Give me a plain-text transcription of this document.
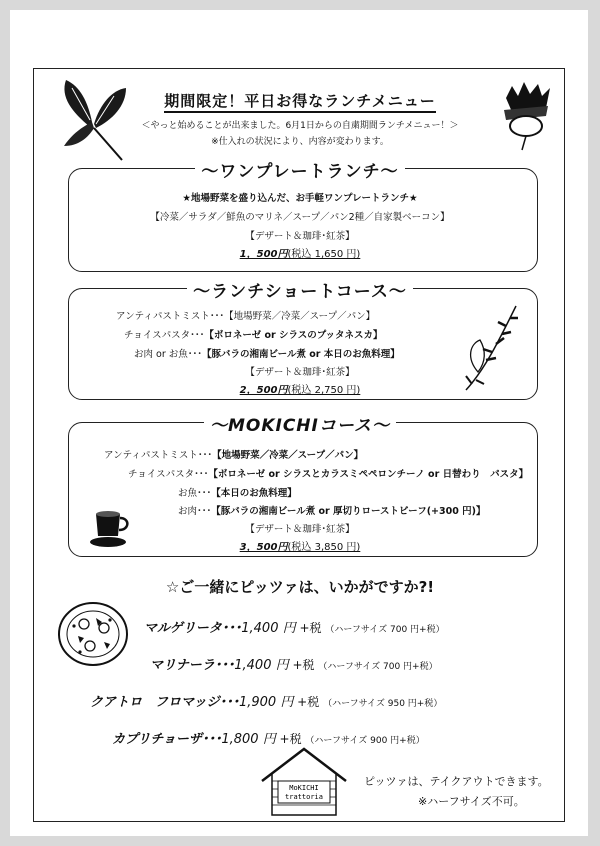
期間限定！平日お得なランチメニュー
＜やっと始めることが出来ました。6月1日からの自粛期間ランチメニュー！＞
※仕入れの状況により、内容が変わります。
～ワンプレートランチ～
★地場野菜を盛り込んだ、お手軽ワンプレートランチ★
【冷菜／サラダ／鮮魚のマリネ／スープ／パン2種／自家製ベーコン】
【デザート＆珈琲･紅茶】
1，500円(税込 1,650 円)
～ランチショートコース～
アンティパストミスト･･･【地場野菜／冷菜／スープ／パン】
チョイスパスタ･･･【ボロネーゼ or シラスのプッタネスカ】
お肉 or お魚･･･【豚バラの湘南ビール煮 or 本日のお魚料理】
【デザート＆珈琲･紅茶】
2，500円(税込 2,750 円)
～MOKICHIコース～
アンティパストミスト･･･【地場野菜／冷菜／スープ／パン】
チョイスパスタ･･･【ボロネーゼ or シラスとカラスミペペロンチーノ or 日替わり　パスタ】
お魚･･･【本日のお魚料理】
お肉･･･【豚バラの湘南ビール煮 or 厚切りローストビーフ(+300 円)】
【デザート＆珈琲･紅茶】
3，500円(税込 3,850 円)
☆ご一緒にピッツァは、いかがですか?!
マルゲリータ･･･1,400 円 +税 （ハーフサイズ 700 円+税）
マリナーラ･･･1,400 円 +税 （ハーフサイズ 700 円+税）
クアトロ　フロマッジ･･･1,900 円 +税 （ハーフサイズ 950 円+税）
カプリチョーザ･･･1,800 円 +税 （ハーフサイズ 900 円+税）
MoKICHI
trattoria
ピッツァは、テイクアウトできます。
※ハーフサイズ不可。
